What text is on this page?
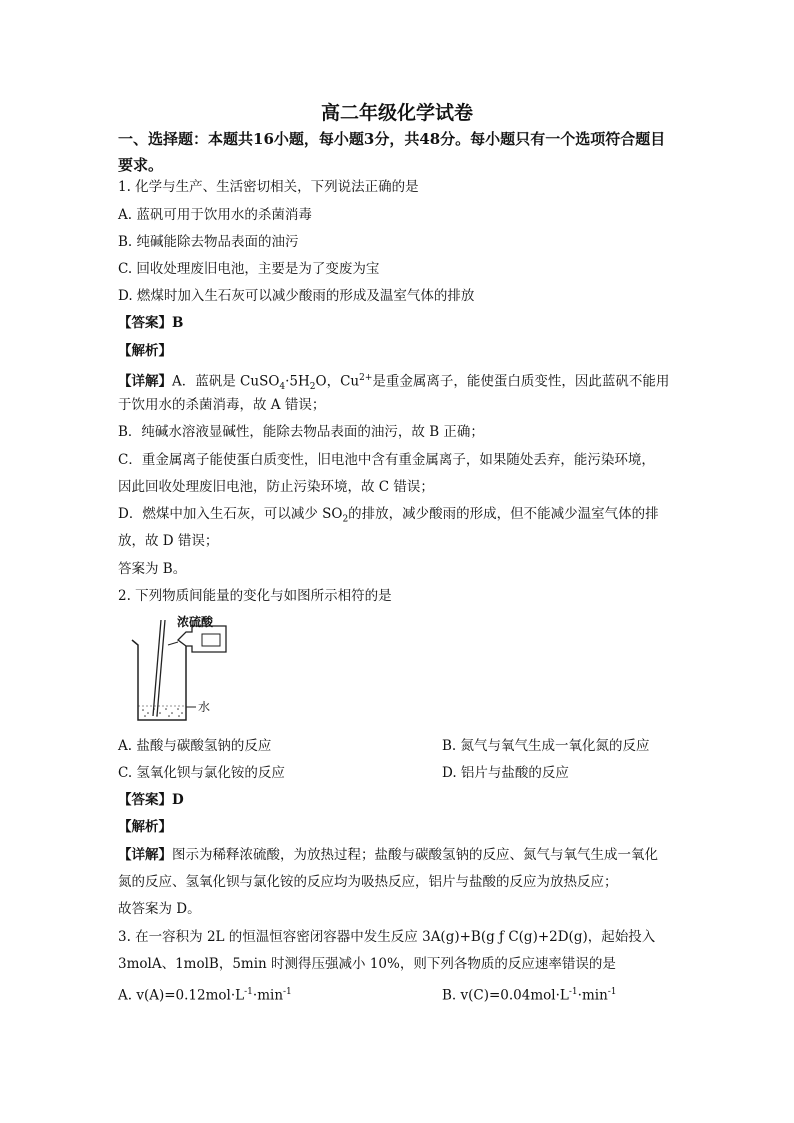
高二年级化学试卷
一、选择题：本题共16小题，每小题3分，共48分。每小题只有一个选项符合题目要求。
1. 化学与生产、生活密切相关，下列说法正确的是
A. 蓝矾可用于饮用水的杀菌消毒
B. 纯碱能除去物品表面的油污
C. 回收处理废旧电池，主要是为了变废为宝
D. 燃煤时加入生石灰可以减少酸雨的形成及温室气体的排放
【答案】B
【解析】
【详解】A．蓝矾是 $CuSO_4\cdot 5H_2O$，$Cu^{2+}$是重金属离子，能使蛋白质变性，因此蓝矾不能用
于饮用水的杀菌消毒，故 A 错误；
B．纯碱水溶液显碱性，能除去物品表面的油污，故 B 正确；
C．重金属离子能使蛋白质变性，旧电池中含有重金属离子，如果随处丢弃，能污染环境，
因此回收处理废旧电池，防止污染环境，故 C 错误；
D．燃煤中加入生石灰，可以减少 $SO_2$的排放，减少酸雨的形成，但不能减少温室气体的排
放，故 D 错误；
答案为 B。
2. 下列物质间能量的变化与如图所示相符的是
浓硫酸
水
A. 盐酸与碳酸氢钠的反应	B. 氮气与氧气生成一氧化氮的反应
C. 氢氧化钡与氯化铵的反应	D. 铝片与盐酸的反应
【答案】D
【解析】
【详解】图示为稀释浓硫酸，为放热过程；盐酸与碳酸氢钠的反应、氮气与氧气生成一氧化
氮的反应、氢氧化钡与氯化铵的反应均为吸热反应，铝片与盐酸的反应为放热反应；
故答案为 D。
3. 在一容积为 2L 的恒温恒容密闭容器中发生反应 3A(g)+B(g ƒ C(g)+2D(g)，起始投入
3molA、1molB，5min 时测得压强减小 10%，则下列各物质的反应速率错误的是
A. $v(A)=0.12mol\cdot L^{-1}\cdot\min^{-1}$	B. $v(C)=0.04mol\cdot L^{-1}\cdot\min^{-1}$
